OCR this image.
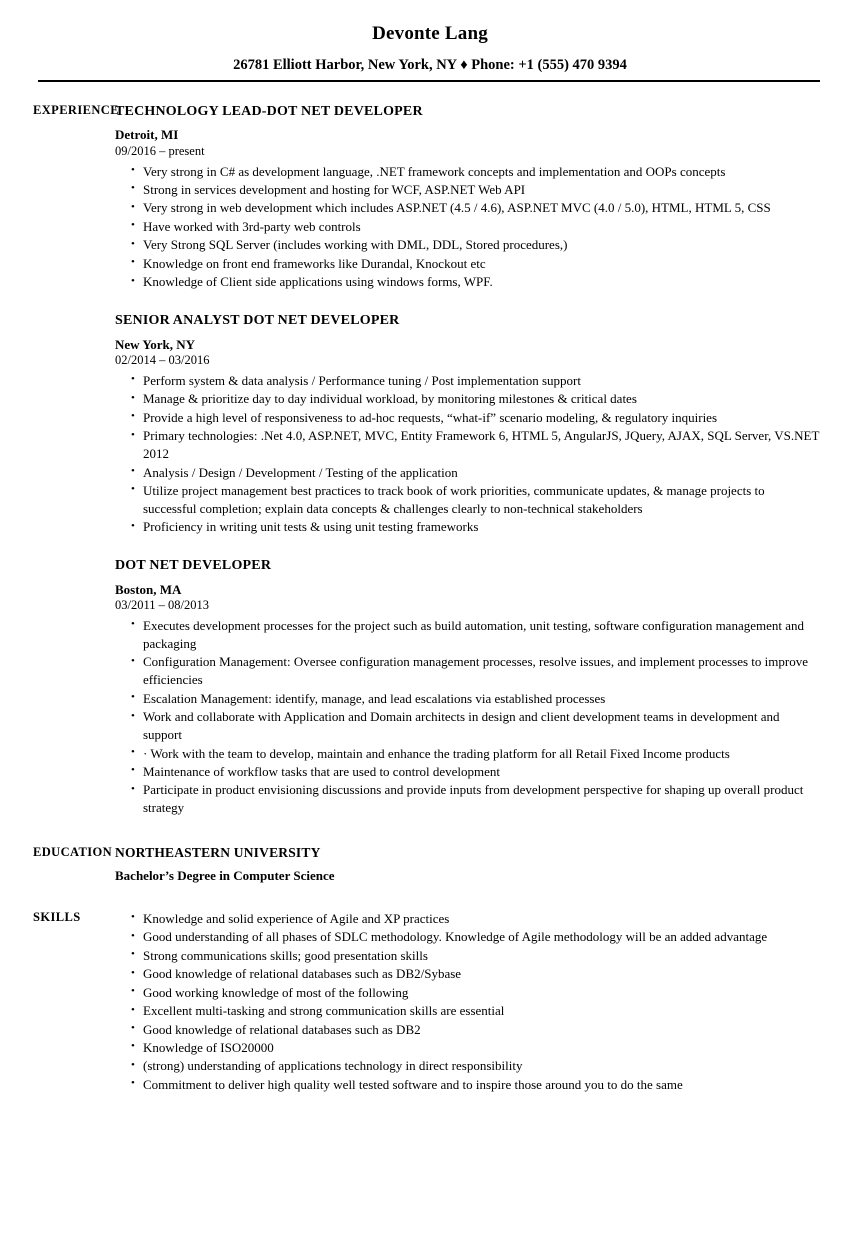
Devonte Lang
26781 Elliott Harbor, New York, NY ♦ Phone: +1 (555) 470 9394
EXPERIENCE
TECHNOLOGY LEAD-DOT NET DEVELOPER
Detroit, MI
09/2016 – present
• Very strong in C# as development language, .NET framework concepts and implementation and OOPs concepts
• Strong in services development and hosting for WCF, ASP.NET Web API
• Very strong in web development which includes ASP.NET (4.5 / 4.6), ASP.NET MVC (4.0 / 5.0), HTML, HTML 5, CSS
• Have worked with 3rd-party web controls
• Very Strong SQL Server (includes working with DML, DDL, Stored procedures,)
• Knowledge on front end frameworks like Durandal, Knockout etc
• Knowledge of Client side applications using windows forms, WPF.
SENIOR ANALYST DOT NET DEVELOPER
New York, NY
02/2014 – 03/2016
• Perform system & data analysis / Performance tuning / Post implementation support
• Manage & prioritize day to day individual workload, by monitoring milestones & critical dates
• Provide a high level of responsiveness to ad-hoc requests, “what-if” scenario modeling, & regulatory inquiries
• Primary technologies: .Net 4.0, ASP.NET, MVC, Entity Framework 6, HTML 5, AngularJS, JQuery, AJAX, SQL Server, VS.NET 2012
• Analysis / Design / Development / Testing of the application
• Utilize project management best practices to track book of work priorities, communicate updates, & manage projects to successful completion; explain data concepts & challenges clearly to non-technical stakeholders
• Proficiency in writing unit tests & using unit testing frameworks
DOT NET DEVELOPER
Boston, MA
03/2011 – 08/2013
• Executes development processes for the project such as build automation, unit testing, software configuration management and packaging
• Configuration Management: Oversee configuration management processes, resolve issues, and implement processes to improve efficiencies
• Escalation Management: identify, manage, and lead escalations via established processes
• Work and collaborate with Application and Domain architects in design and client development teams in development and support
• · Work with the team to develop, maintain and enhance the trading platform for all Retail Fixed Income products
• Maintenance of workflow tasks that are used to control development
• Participate in product envisioning discussions and provide inputs from development perspective for shaping up overall product strategy
EDUCATION NORTHEASTERN UNIVERSITY
Bachelor’s Degree in Computer Science
SKILLS	• Knowledge and solid experience of Agile and XP practices
• Good understanding of all phases of SDLC methodology. Knowledge of Agile methodology will be an added advantage
• Strong communications skills; good presentation skills
• Good knowledge of relational databases such as DB2/Sybase
• Good working knowledge of most of the following
• Excellent multi-tasking and strong communication skills are essential
• Good knowledge of relational databases such as DB2
• Knowledge of ISO20000
• (strong) understanding of applications technology in direct responsibility
• Commitment to deliver high quality well tested software and to inspire those around you to do the same
